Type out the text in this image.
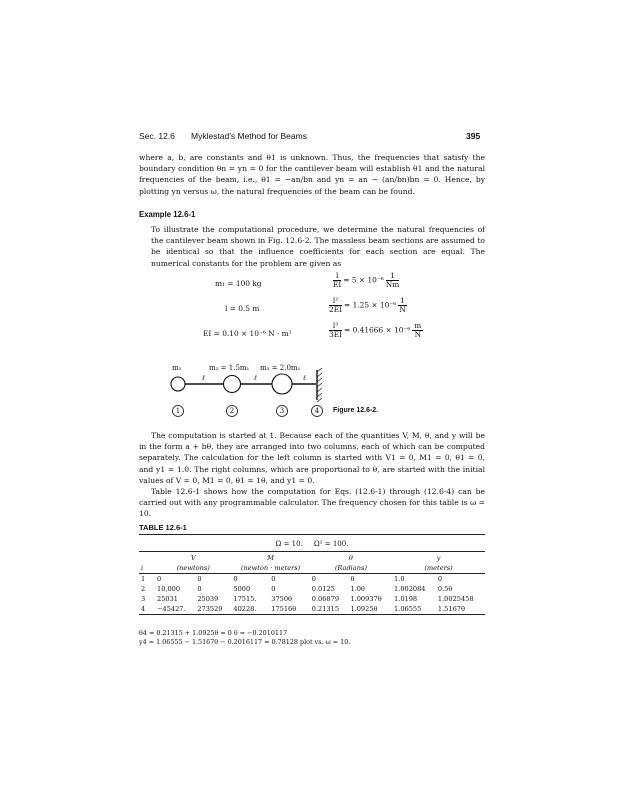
Sec. 12.6 Myklestad's Method for Beams	395
where a, b, are constants and θ1 is unknown. Thus, the frequencies that satisfy the boundary condition θn = yn = 0 for the cantilever beam will establish θ1 and the natural frequencies of the beam, i.e., θ1 = −an/bn and yn = an − (an/bn)bn = 0. Hence, by plotting yn versus ω, the natural frequencies of the beam can be found.
Example 12.6-1
To illustrate the computational procedure, we determine the natural frequencies of the cantilever beam shown in Fig. 12.6-2. The massless beam sections are assumed to be identical so that the influence coefficients for each section are equal. The numerical constants for the problem are given as
m₁ = 100 kg
l = 0.5 m
EI = 0.10 × 10⁻⁶ N · m²
$\frac{l}{EI} = 5 \times 10^{-6} \frac{1}{Nm}$
$\frac{\text{l²}}{2EI} = 1.25 \times 10^{-6} \frac{1}{N}$
$\frac{\text{l³}}{3EI} = 0.41666 \times 10^{-6} \frac{m}{N}$
m₁	m₂ = 1.5m₁ m₃ = 2.0m₁
ℓ	ℓ	ℓ
1	2	3	4 Figure 12.6-2.
The computation is started at 1. Because each of the quantities V, M, θ, and y will be in the form a + bθ, they are arranged into two columns, each of which can be computed separately. The calculation for the left column is started with V1 = 0, M1 = 0, θ1 = 0, and y1 = 1.0. The right columns, which are proportional to θ, are started with the initial values of V = 0, M1 = 0, θ1 = 1θ, and y1 = 0.
Table 12.6-1 shows how the computation for Eqs. (12.6-1) through (12.6-4) can be carried out with any programmable calculator. The frequency chosen for this table is ω = 10.
TABLE 12.6-1
Ω = 10.     Ω² = 100.
	V		M		θ		y	
i	(newtons)		(newton · meters)		(Radians)		(meters)	
1	0	0	0	0	0	θ	1.0	0
2	10,000	0	5000	0	0.0125	1.0θ	1.002084	0.5θ
3	25031	25039	17515.	3750θ	0.06879	1.00937θ	1.0198	1.0025458
4	−45427.	273529	40228.	17516θ	0.21315	1.0925θ	1.06555	1.5167θ
θ4 = 0.21315 + 1.0925θ = 0 θ = −0.2010117
y4 = 1.06555 − 1.5167θ − 0.2016117 = 0.78128 plot vs. ω = 10.
